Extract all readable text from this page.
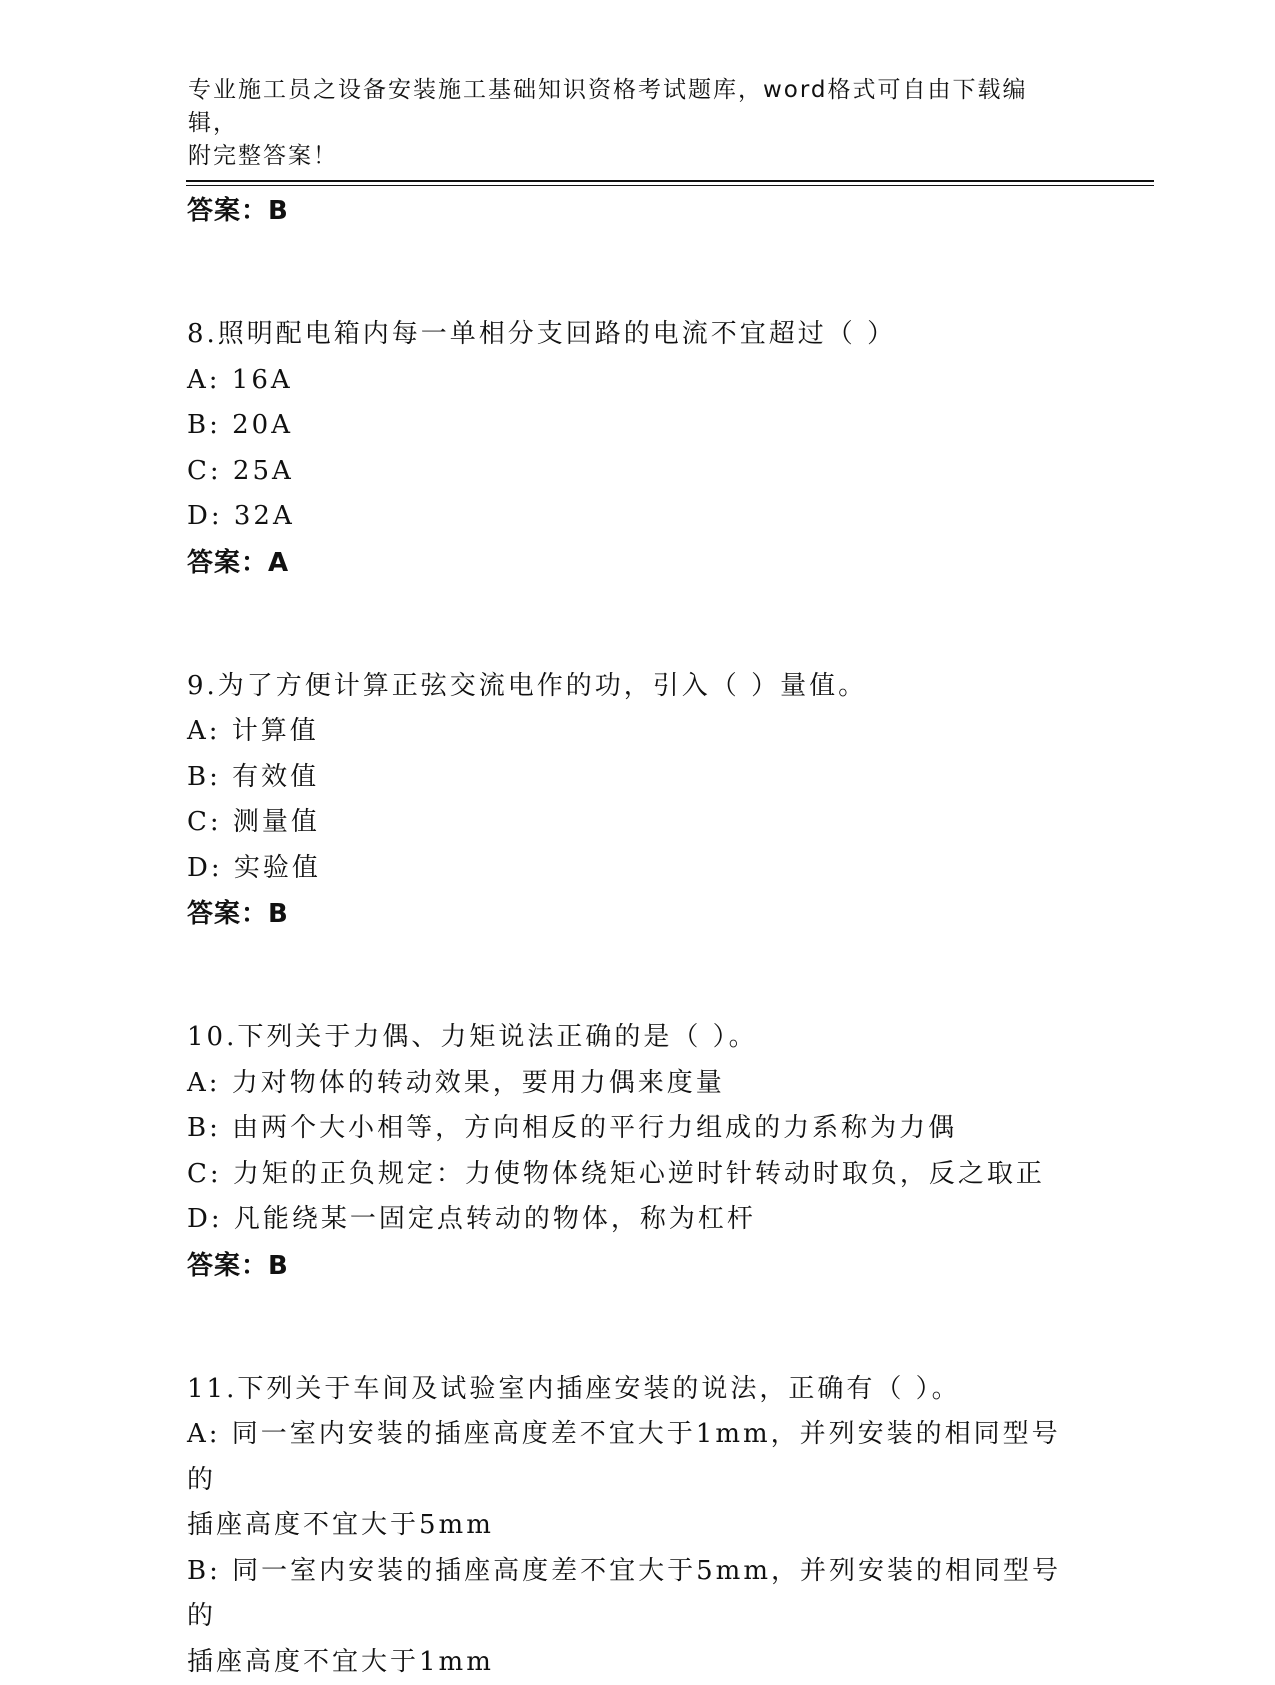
专业施工员之设备安装施工基础知识资格考试题库，word格式可自由下载编辑，
附完整答案！
答案：B
8.照明配电箱内每一单相分支回路的电流不宜超过（ ）
A: 16A
B: 20A
C: 25A
D: 32A
答案：A
9.为了方便计算正弦交流电作的功，引入（ ）量值。
A: 计算值
B: 有效值
C: 测量值
D: 实验值
答案：B
10.下列关于力偶、力矩说法正确的是（ ）。
A: 力对物体的转动效果，要用力偶来度量
B: 由两个大小相等，方向相反的平行力组成的力系称为力偶
C: 力矩的正负规定：力使物体绕矩心逆时针转动时取负，反之取正
D: 凡能绕某一固定点转动的物体，称为杠杆
答案：B
11.下列关于车间及试验室内插座安装的说法，正确有（ ）。
A: 同一室内安装的插座高度差不宜大于1mm，并列安装的相同型号的
插座高度不宜大于5mm
B: 同一室内安装的插座高度差不宜大于5mm，并列安装的相同型号的
插座高度不宜大于1mm
